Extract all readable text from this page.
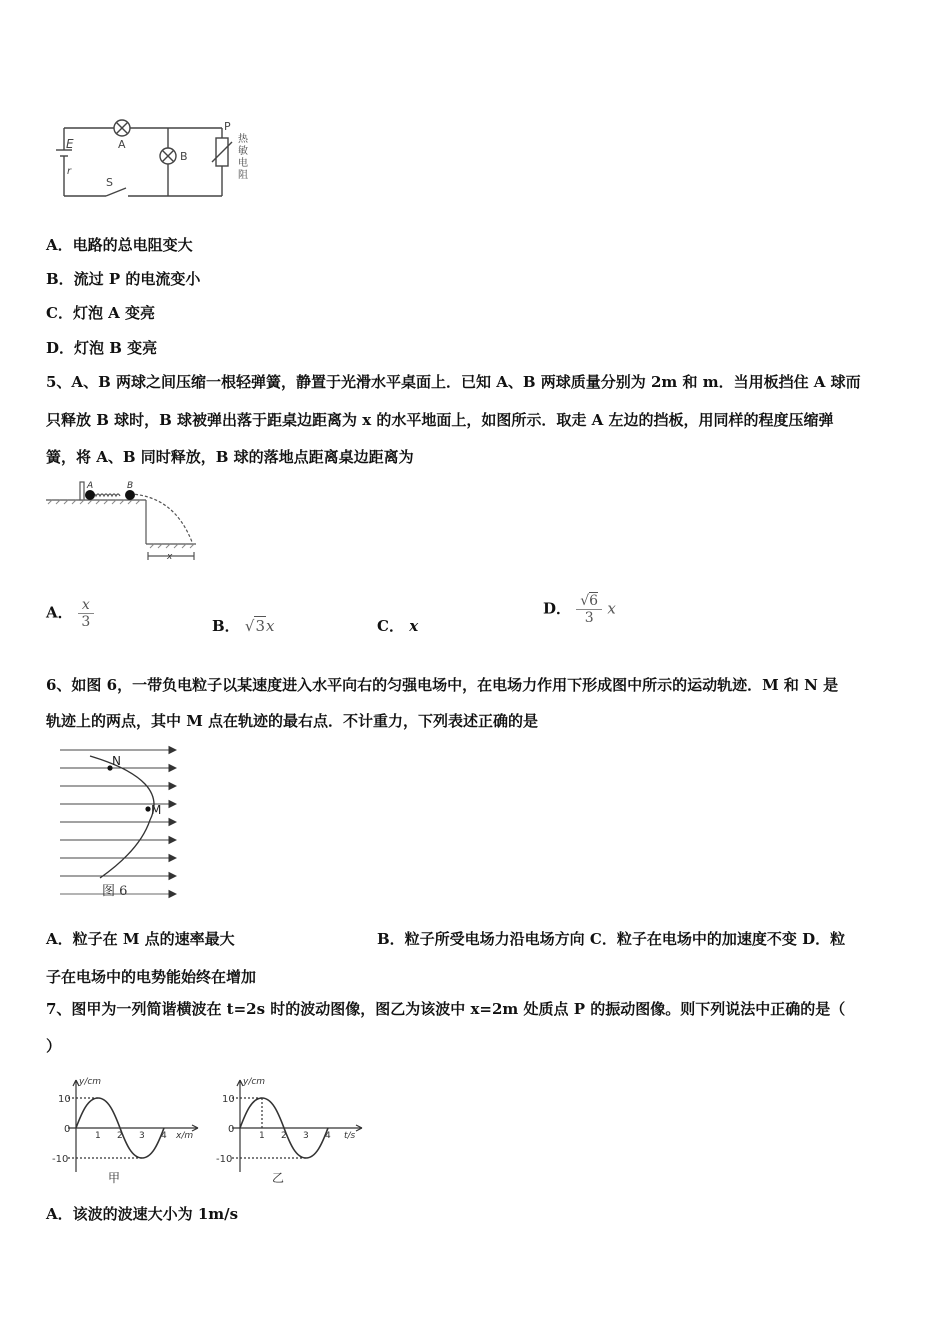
A
B
E
r
S
P
热
敏
电
阻
A．电路的总电阻变大
B．流过 P 的电流变小
C．灯泡 A 变亮
D．灯泡 B 变亮
5、A、B 两球之间压缩一根轻弹簧，静置于光滑水平桌面上．已知 A、B 两球质量分别为 2m 和 m．当用板挡住 A 球而
只释放 B 球时，B 球被弹出落于距桌边距离为 x 的水平地面上，如图所示．取走 A 左边的挡板，用同样的程度压缩弹
簧，将 A、B 同时释放，B 球的落地点距离桌边距离为
A	B
x
A． $\frac{x}{3}$	B． √3x	C． x
D． $\frac{√6}{3}$ x
6、如图 6，一带负电粒子以某速度进入水平向右的匀强电场中，在电场力作用下形成图中所示的运动轨迹．M 和 N 是
轨迹上的两点，其中 M 点在轨迹的最右点．不计重力，下列表述正确的是
N
M
图 6
A．粒子在 M 点的速率最大	B．粒子所受电场力沿电场方向 C．粒子在电场中的加速度不变 D．粒
子在电场中的电势能始终在增加
7、图甲为一列简谐横波在 t=2s 时的波动图像，图乙为该波中 x=2m 处质点 P 的振动图像。则下列说法中正确的是（
）
y/cm
x/m
10
0
-10
1 2 3 4
甲
y/cm
t/s
10
0
-10
1 2 3 4
乙
A．该波的波速大小为 1m/s
